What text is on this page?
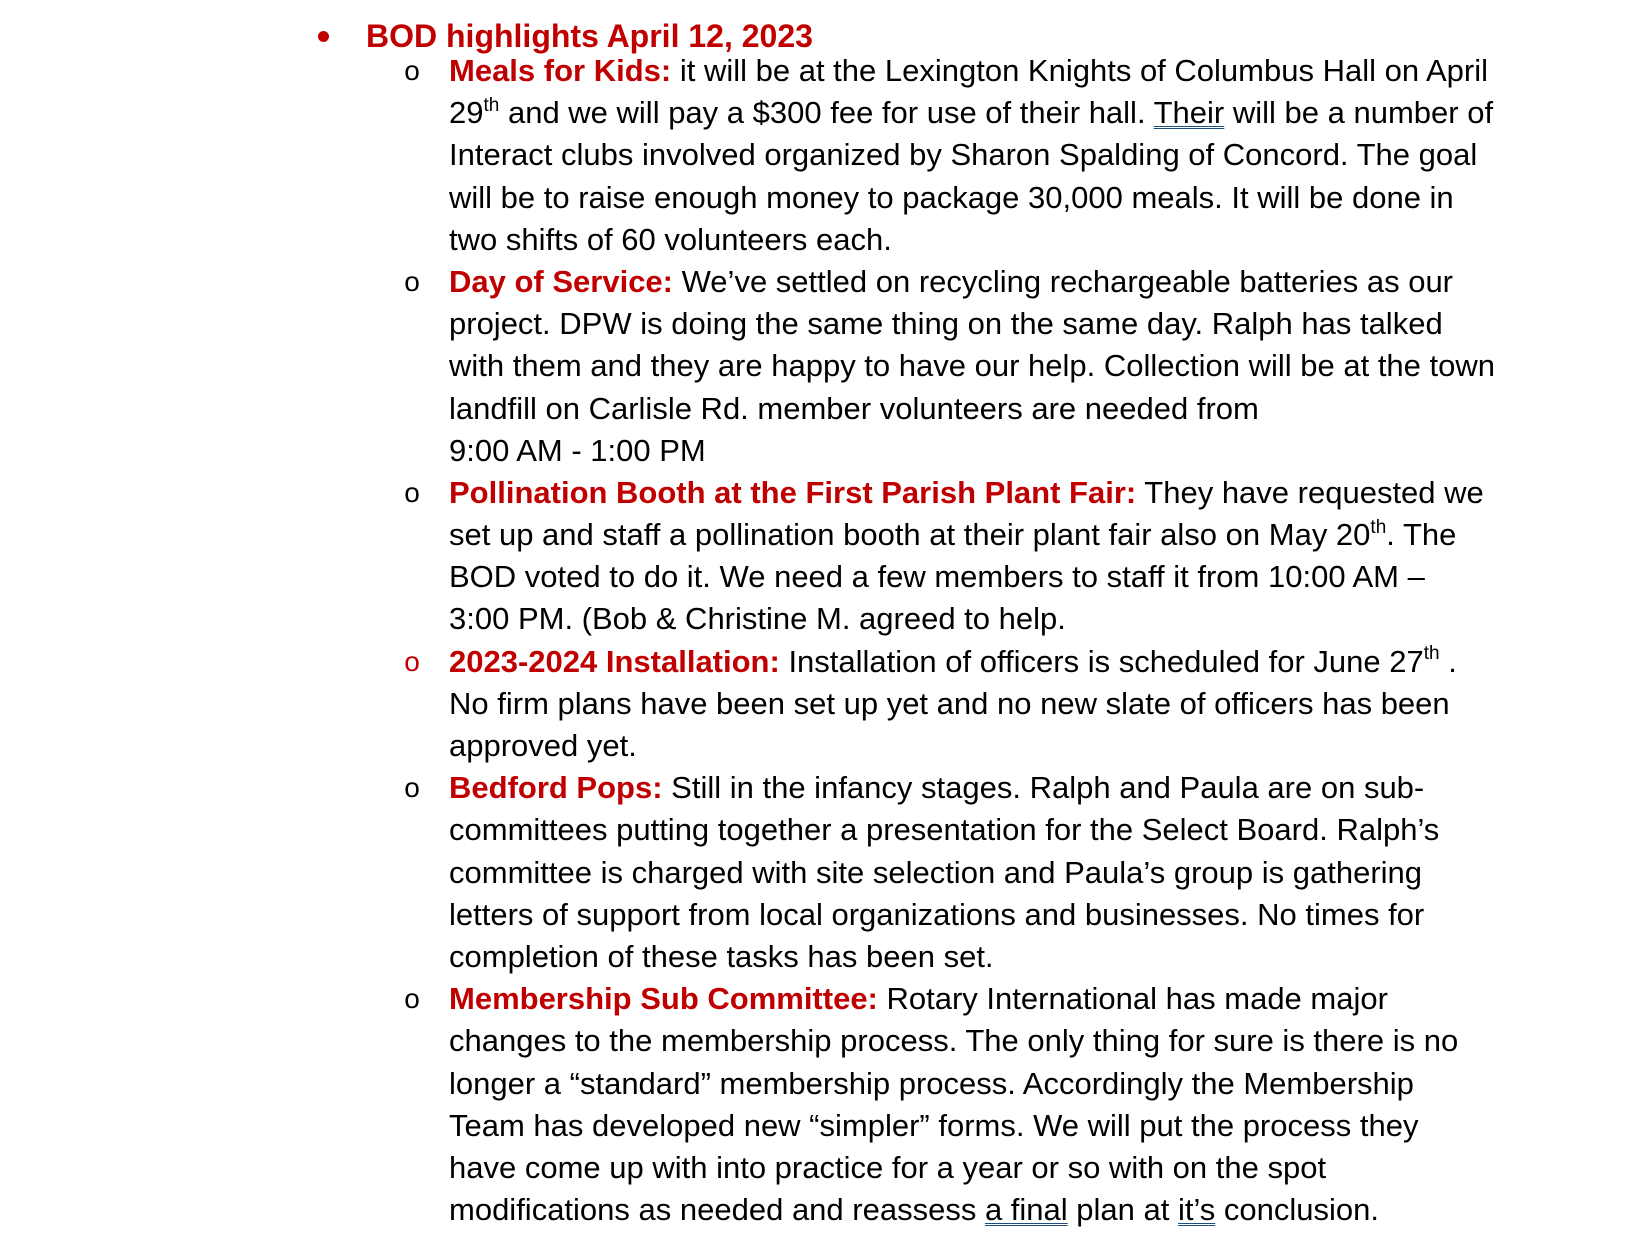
BOD highlights April 12, 2023
o Meals for Kids: it will be at the Lexington Knights of Columbus Hall on April
29th and we will pay a $300 fee for use of their hall. Their will be a number of
Interact clubs involved organized by Sharon Spalding of Concord. The goal
will be to raise enough money to package 30,000 meals. It will be done in
two shifts of 60 volunteers each.
o Day of Service: We’ve settled on recycling rechargeable batteries as our
project. DPW is doing the same thing on the same day. Ralph has talked
with them and they are happy to have our help. Collection will be at the town
landfill on Carlisle Rd. member volunteers are needed from
9:00 AM - 1:00 PM
o Pollination Booth at the First Parish Plant Fair: They have requested we
set up and staff a pollination booth at their plant fair also on May 20th. The
BOD voted to do it. We need a few members to staff it from 10:00 AM –
3:00 PM. (Bob & Christine M. agreed to help.
o 2023-2024 Installation: Installation of officers is scheduled for June 27th .
No firm plans have been set up yet and no new slate of officers has been
approved yet.
o Bedford Pops: Still in the infancy stages. Ralph and Paula are on sub-
committees putting together a presentation for the Select Board. Ralph’s
committee is charged with site selection and Paula’s group is gathering
letters of support from local organizations and businesses. No times for
completion of these tasks has been set.
o Membership Sub Committee: Rotary International has made major
changes to the membership process. The only thing for sure is there is no
longer a “standard” membership process. Accordingly the Membership
Team has developed new “simpler” forms. We will put the process they
have come up with into practice for a year or so with on the spot
modifications as needed and reassess a final plan at it’s conclusion.
